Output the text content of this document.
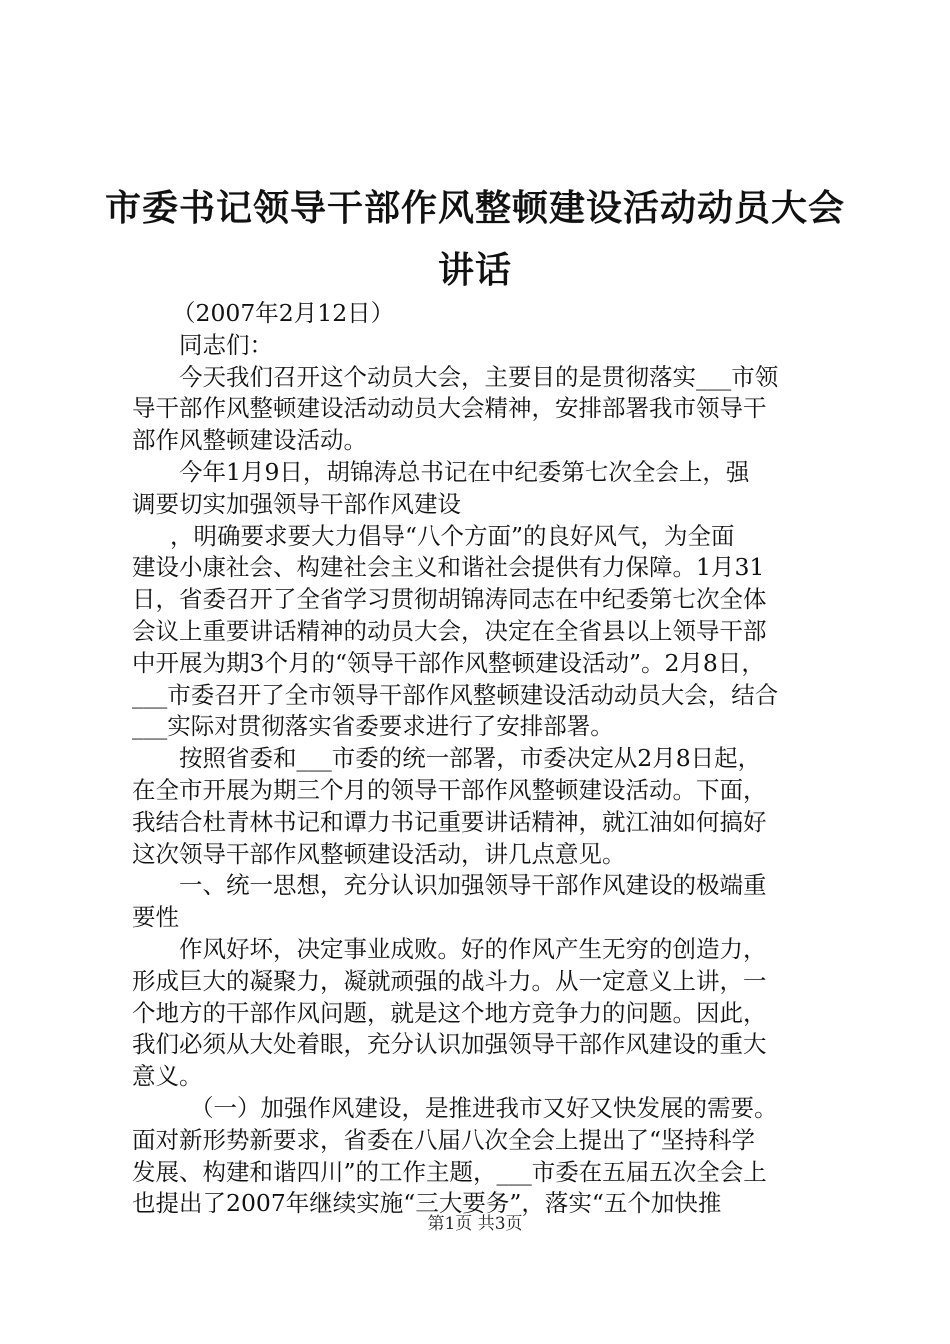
市委书记领导干部作风整顿建设活动动员大会
讲话
（2007年2月12日）
同志们：
今天我们召开这个动员大会，主要目的是贯彻落实___市领
导干部作风整顿建设活动动员大会精神，安排部署我市领导干
部作风整顿建设活动。
今年1月9日，胡锦涛总书记在中纪委第七次全会上，强
调要切实加强领导干部作风建设
，明确要求要大力倡导“八个方面”的良好风气，为全面
建设小康社会、构建社会主义和谐社会提供有力保障。1月31
日，省委召开了全省学习贯彻胡锦涛同志在中纪委第七次全体
会议上重要讲话精神的动员大会，决定在全省县以上领导干部
中开展为期3个月的“领导干部作风整顿建设活动”。2月8日，
___市委召开了全市领导干部作风整顿建设活动动员大会，结合
___实际对贯彻落实省委要求进行了安排部署。
按照省委和___市委的统一部署，市委决定从2月8日起，
在全市开展为期三个月的领导干部作风整顿建设活动。下面，
我结合杜青林书记和谭力书记重要讲话精神，就江油如何搞好
这次领导干部作风整顿建设活动，讲几点意见。
一、统一思想，充分认识加强领导干部作风建设的极端重
要性
作风好坏，决定事业成败。好的作风产生无穷的创造力，
形成巨大的凝聚力，凝就顽强的战斗力。从一定意义上讲，一
个地方的干部作风问题，就是这个地方竞争力的问题。因此，
我们必须从大处着眼，充分认识加强领导干部作风建设的重大
意义。
（一）加强作风建设，是推进我市又好又快发展的需要。
面对新形势新要求，省委在八届八次全会上提出了“坚持科学
发展、构建和谐四川”的工作主题，___市委在五届五次全会上
也提出了2007年继续实施“三大要务”，落实“五个加快推
第1页 共3页
